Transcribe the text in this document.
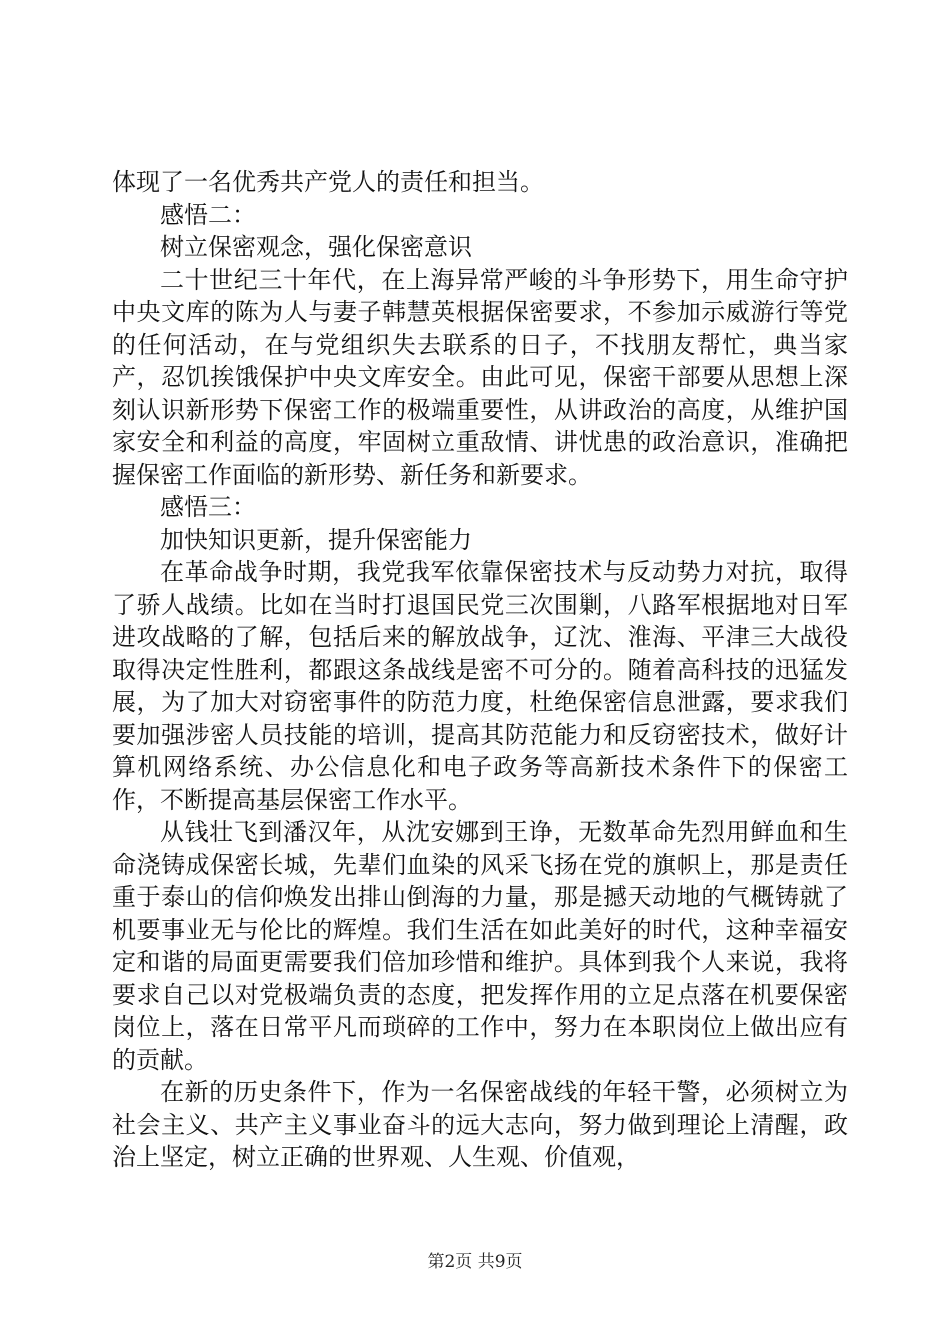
体现了一名优秀共产党人的责任和担当。

感悟二：

树立保密观念，强化保密意识

二十世纪三十年代，在上海异常严峻的斗争形势下，用生命守护中央文库的陈为人与妻子韩慧英根据保密要求，不参加示威游行等党的任何活动，在与党组织失去联系的日子，不找朋友帮忙，典当家产，忍饥挨饿保护中央文库安全。由此可见，保密干部要从思想上深刻认识新形势下保密工作的极端重要性，从讲政治的高度，从维护国家安全和利益的高度，牢固树立重敌情、讲忧患的政治意识，准确把握保密工作面临的新形势、新任务和新要求。

感悟三：

加快知识更新，提升保密能力

在革命战争时期，我党我军依靠保密技术与反动势力对抗，取得了骄人战绩。比如在当时打退国民党三次围剿，八路军根据地对日军进攻战略的了解，包括后来的解放战争，辽沈、淮海、平津三大战役取得决定性胜利，都跟这条战线是密不可分的。随着高科技的迅猛发展，为了加大对窃密事件的防范力度，杜绝保密信息泄露，要求我们要加强涉密人员技能的培训，提高其防范能力和反窃密技术，做好计算机网络系统、办公信息化和电子政务等高新技术条件下的保密工作，不断提高基层保密工作水平。

从钱壮飞到潘汉年，从沈安娜到王诤，无数革命先烈用鲜血和生命浇铸成保密长城，先辈们血染的风采飞扬在党的旗帜上，那是责任重于泰山的信仰焕发出排山倒海的力量，那是撼天动地的气概铸就了机要事业无与伦比的辉煌。我们生活在如此美好的时代，这种幸福安定和谐的局面更需要我们倍加珍惜和维护。具体到我个人来说，我将要求自己以对党极端负责的态度，把发挥作用的立足点落在机要保密岗位上，落在日常平凡而琐碎的工作中，努力在本职岗位上做出应有的贡献。

在新的历史条件下，作为一名保密战线的年轻干警，必须树立为社会主义、共产主义事业奋斗的远大志向，努力做到理论上清醒，政治上坚定，树立正确的世界观、人生观、价值观，

第2页 共9页
